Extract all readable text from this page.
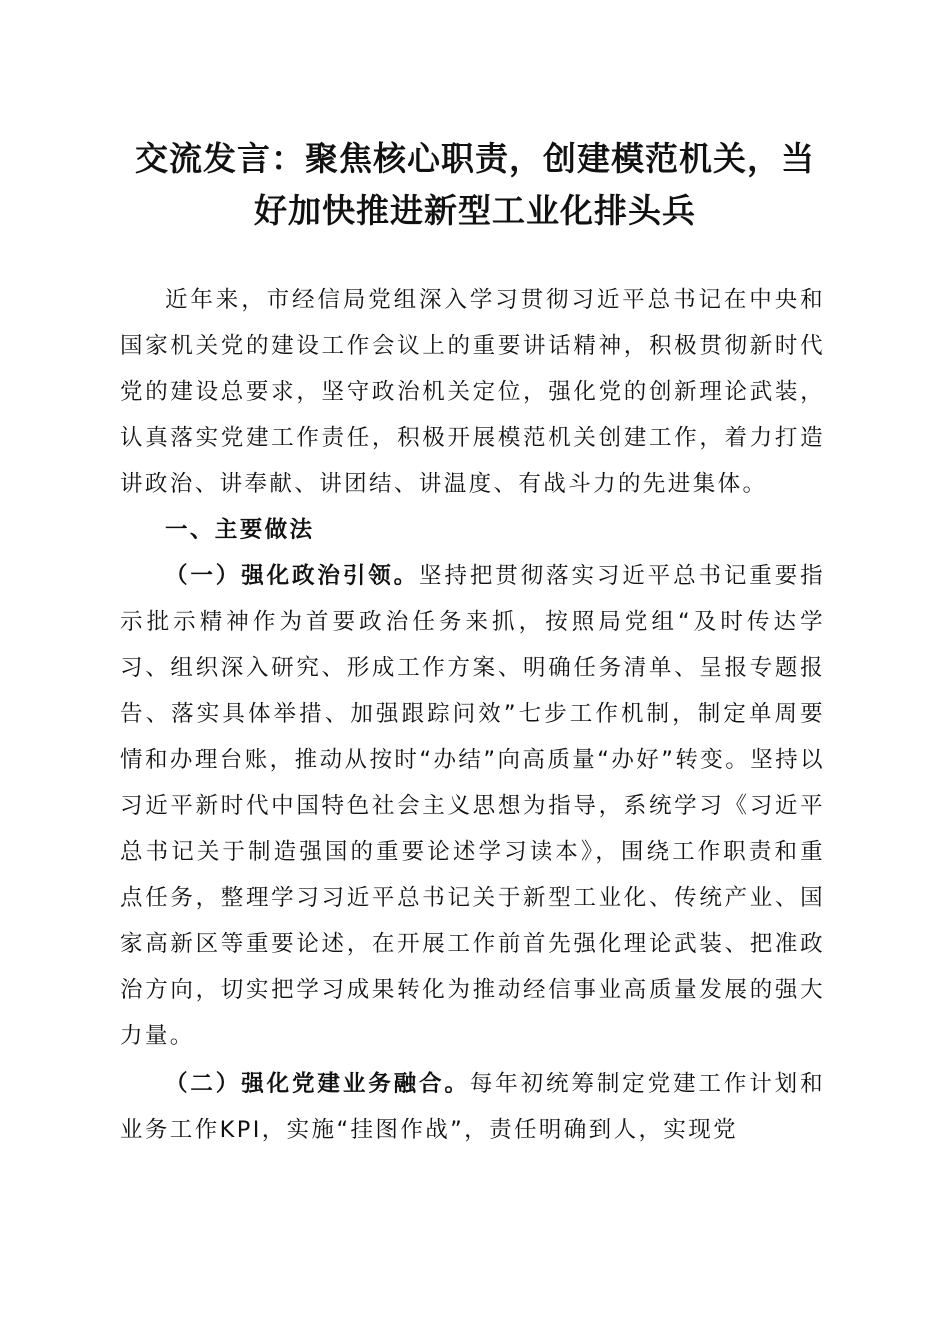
交流发言：聚焦核心职责，创建模范机关，当
好加快推进新型工业化排头兵

近年来，市经信局党组深入学习贯彻习近平总书记在中央和国家机关党的建设工作会议上的重要讲话精神，积极贯彻新时代党的建设总要求，坚守政治机关定位，强化党的创新理论武装，认真落实党建工作责任，积极开展模范机关创建工作，着力打造讲政治、讲奉献、讲团结、讲温度、有战斗力的先进集体。

一、主要做法

（一）强化政治引领。坚持把贯彻落实习近平总书记重要指示批示精神作为首要政治任务来抓，按照局党组“及时传达学习、组织深入研究、形成工作方案、明确任务清单、呈报专题报告、落实具体举措、加强跟踪问效”七步工作机制，制定单周要情和办理台账，推动从按时“办结”向高质量“办好”转变。坚持以习近平新时代中国特色社会主义思想为指导，系统学习《习近平总书记关于制造强国的重要论述学习读本》，围绕工作职责和重点任务，整理学习习近平总书记关于新型工业化、传统产业、国家高新区等重要论述，在开展工作前首先强化理论武装、把准政治方向，切实把学习成果转化为推动经信事业高质量发展的强大力量。

（二）强化党建业务融合。每年初统筹制定党建工作计划和业务工作KPI，实施“挂图作战”，责任明确到人，实现党
